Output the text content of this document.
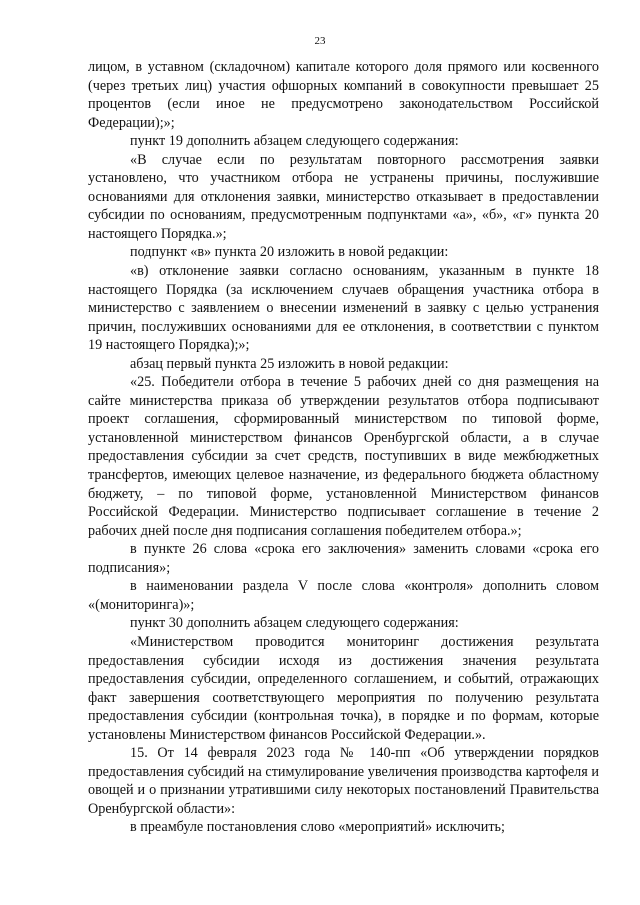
23

лицом, в уставном (складочном) капитале которого доля прямого или косвенного (через третьих лиц) участия офшорных компаний в совокупности превышает 25 процентов (если иное не предусмотрено законодательством Российской Федерации);»;

пункт 19 дополнить абзацем следующего содержания:

«В случае если по результатам повторного рассмотрения заявки установлено, что участником отбора не устранены причины, послужившие основаниями для отклонения заявки, министерство отказывает в предоставлении субсидии по основаниям, предусмотренным подпунктами «а», «б», «г» пункта 20 настоящего Порядка.»;

подпункт «в» пункта 20 изложить в новой редакции:

«в) отклонение заявки согласно основаниям, указанным в пункте 18 настоящего Порядка (за исключением случаев обращения участника отбора в министерство с заявлением о внесении изменений в заявку с целью устранения причин, послуживших основаниями для ее отклонения, в соответствии с пунктом 19 настоящего Порядка);»;

абзац первый пункта 25 изложить в новой редакции:

«25. Победители отбора в течение 5 рабочих дней со дня размещения на сайте министерства приказа об утверждении результатов отбора подписывают проект соглашения, сформированный министерством по типовой форме, установленной министерством финансов Оренбургской области, а в случае предоставления субсидии за счет средств, поступивших в виде межбюджетных трансфертов, имеющих целевое назначение, из федерального бюджета областному бюджету, – по типовой форме, установленной Министерством финансов Российской Федерации. Министерство подписывает соглашение в течение 2 рабочих дней после дня подписания соглашения победителем отбора.»;

в пункте 26 слова «срока его заключения» заменить словами «срока его подписания»;

в наименовании раздела V после слова «контроля» дополнить словом «(мониторинга)»;

пункт 30 дополнить абзацем следующего содержания:

«Министерством проводится мониторинг достижения результата предоставления субсидии исходя из достижения значения результата предоставления субсидии, определенного соглашением, и событий, отражающих факт завершения соответствующего мероприятия по получению результата предоставления субсидии (контрольная точка), в порядке и по формам, которые установлены Министерством финансов Российской Федерации.».

15. От 14 февраля 2023 года № 140-пп «Об утверждении порядков предоставления субсидий на стимулирование увеличения производства картофеля и овощей и о признании утратившими силу некоторых постановлений Правительства Оренбургской области»:

в преамбуле постановления слово «мероприятий» исключить;
